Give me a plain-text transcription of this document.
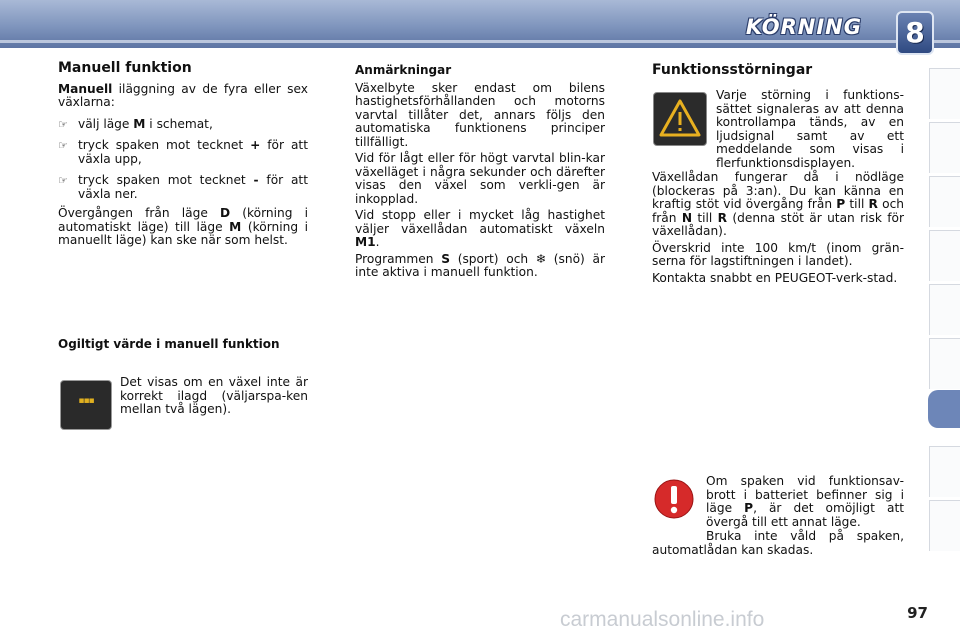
KÖRNING	8
Manuell funktion

Manuell iläggning av de fyra eller sex växlarna:

☞ välj läge M i schemat,
☞ tryck spaken mot tecknet + för att växla upp,
☞ tryck spaken mot tecknet - för att växla ner.

Övergången från läge D (körning i automatiskt läge) till läge M (körning i manuellt läge) kan ske när som helst.

Ogiltigt värde i manuell funktion
▪▪▪
Det visas om en växel inte är korrekt ilagd (väljarspa-ken mellan två lägen).
Anmärkningar

Växelbyte sker endast om bilens hastighetsförhållanden och motorns varvtal tillåter det, annars följs den automatiska funktionens principer tillfälligt.

Vid för lågt eller för högt varvtal blin-kar växelläget i några sekunder och därefter visas den växel som verkli-gen är inkopplad.

Vid stopp eller i mycket låg hastighet väljer växellådan automatiskt växeln M1.

Programmen S (sport) och ❄ (snö) är inte aktiva i manuell funktion.

Funktionsstörningar
Varje störning i funktions-sättet signaleras av att denna kontrollampa tänds, av en ljudsignal samt av ett meddelande som visas i flerfunktionsdisplayen.

Växellådan fungerar då i nödläge (blockeras på 3:an). Du kan känna en kraftig stöt vid övergång från P till R och från N till R (denna stöt är utan risk för växellådan).

Överskrid inte 100 km/t (inom grän-serna för lagstiftningen i landet).

Kontakta snabbt en PEUGEOT-verk-stad.

Om spaken vid funktionsav-brott i batteriet befinner sig i läge P, är det omöjligt att övergå till ett annat läge.

Bruka inte våld på spaken, automatlådan kan skadas.
carmanualsonline.info	97
